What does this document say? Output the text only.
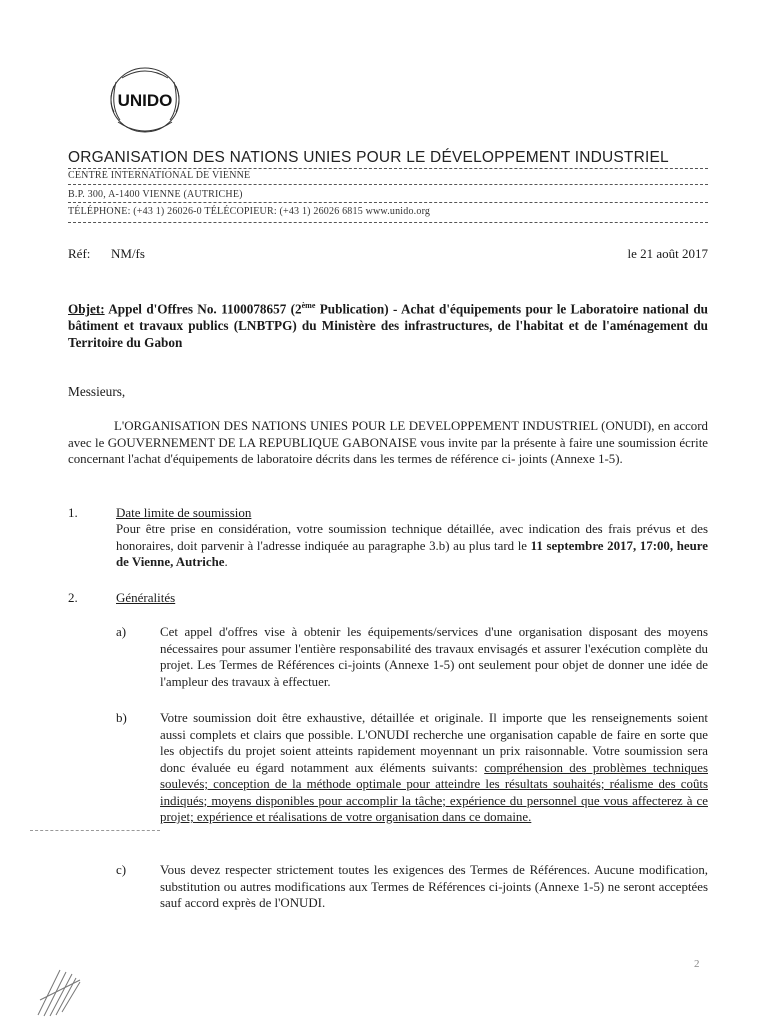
UNIDO
ORGANISATION DES NATIONS UNIES POUR LE DÉVELOPPEMENT INDUSTRIEL
CENTRE INTERNATIONAL DE VIENNE
B.P. 300, A-1400 VIENNE (AUTRICHE)
TÉLÉPHONE: (+43 1) 26026-0 TÉLÉCOPIEUR: (+43 1) 26026 6815 www.unido.org
Réf: NM/fs	le 21 août 2017
Objet: Appel d'Offres No. 1100078657 (2ème Publication) - Achat d'équipements pour le Laboratoire national du bâtiment et travaux publics (LNBTPG) du Ministère des infrastructures, de l'habitat et de l'aménagement du Territoire du Gabon
Messieurs,
L'ORGANISATION DES NATIONS UNIES POUR LE DEVELOPPEMENT INDUSTRIEL (ONUDI), en accord avec le GOUVERNEMENT DE LA REPUBLIQUE GABONAISE vous invite par la présente à faire une soumission écrite concernant l'achat d'équipements de laboratoire décrits dans les termes de référence ci- joints (Annexe 1-5).
1.	Date limite de soumission
Pour être prise en considération, votre soumission technique détaillée, avec indication des frais prévus et des honoraires, doit parvenir à l'adresse indiquée au paragraphe 3.b) au plus tard le 11 septembre 2017, 17:00, heure de Vienne, Autriche.
2.	Généralités
a)	Cet appel d'offres vise à obtenir les équipements/services d'une organisation disposant des moyens nécessaires pour assumer l'entière responsabilité des travaux envisagés et assurer l'exécution complète du projet. Les Termes de Références ci-joints (Annexe 1-5) ont seulement pour objet de donner une idée de l'ampleur des travaux à effectuer.
b)	Votre soumission doit être exhaustive, détaillée et originale. Il importe que les renseignements soient aussi complets et clairs que possible. L'ONUDI recherche une organisation capable de faire en sorte que les objectifs du projet soient atteints rapidement moyennant un prix raisonnable. Votre soumission sera donc évaluée eu égard notamment aux éléments suivants: compréhension des problèmes techniques soulevés; conception de la méthode optimale pour atteindre les résultats souhaités; réalisme des coûts indiqués; moyens disponibles pour accomplir la tâche; expérience du personnel que vous affecterez à ce projet; expérience et réalisations de votre organisation dans ce domaine.
c)	Vous devez respecter strictement toutes les exigences des Termes de Références. Aucune modification, substitution ou autres modifications aux Termes de Références ci-joints (Annexe 1-5) ne seront acceptées sauf accord exprès de l'ONUDI.
2
